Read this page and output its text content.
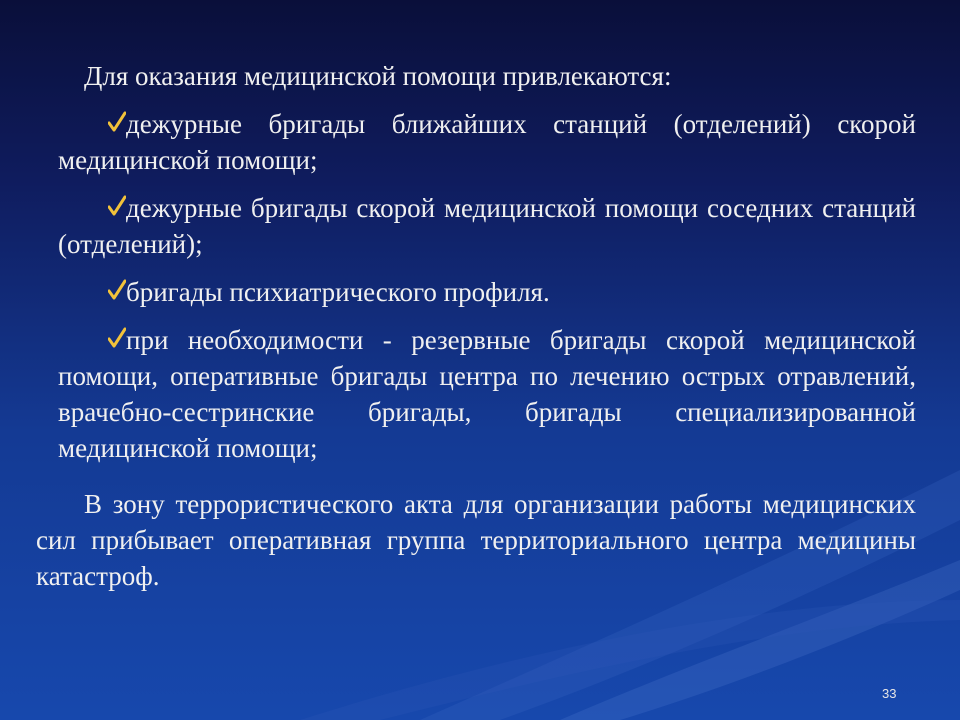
Для оказания медицинской помощи привлекаются:
дежурные бригады ближайших станций (отделений) скорой медицинской помощи;
дежурные бригады скорой медицинской помощи соседних станций (отделений);
бригады психиатрического профиля.
при необходимости - резервные бригады скорой медицинской помощи, оперативные бригады центра по лечению острых отравлений, врачебно-сестринские бригады, бригады специализированной медицинской помощи;
В зону террористического акта для организации работы медицинских сил прибывает оперативная группа территориального центра медицины катастроф.
33
